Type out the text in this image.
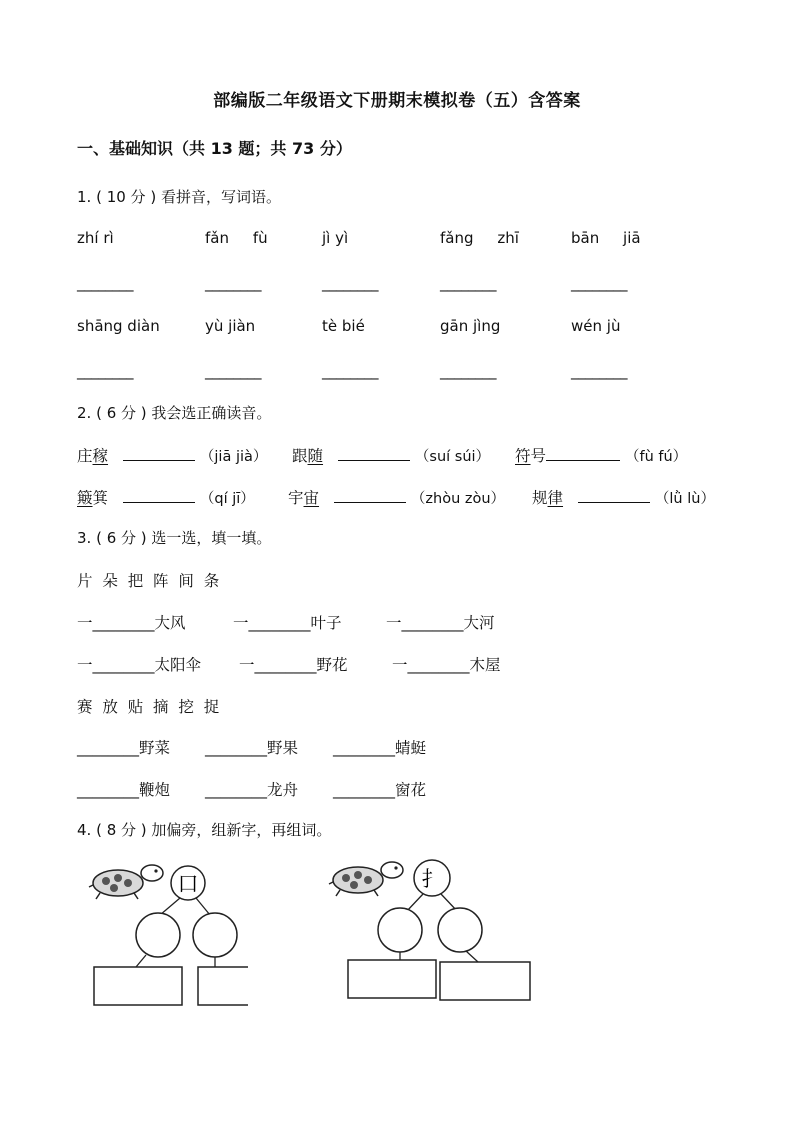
部编版二年级语文下册期末模拟卷（五）含答案
一、基础知识（共 13 题；共 73 分）
1. ( 10 分 ) 看拼音，写词语。
zhí rì	fǎn     fù	jì yì	fǎng     zhī	bān     jiā
________	________	________	________	________
shāng diàn	yù jiàn	tè bié	gān jìng	wén jù
________	________	________	________	________
2. ( 6 分 ) 我会选正确读音。
庄稼	（jiā jià） 跟随	（suí súi） 符号	（fù fú）
簸箕	（qí jī） 宇宙	（zhòu zòu） 规律	（lǜ lù）
3. ( 6 分 ) 选一选，填一填。
片  朵  把  阵  间  条
一________大风	一________叶子	一________大河
一________太阳伞 一________野花	一________木屋
赛  放  贴  摘  挖  捉
________野菜 ________野果 ________蜻蜓
________鞭炮 ________龙舟 ________窗花
4. ( 8 分 ) 加偏旁，组新字，再组词。
口	扌
